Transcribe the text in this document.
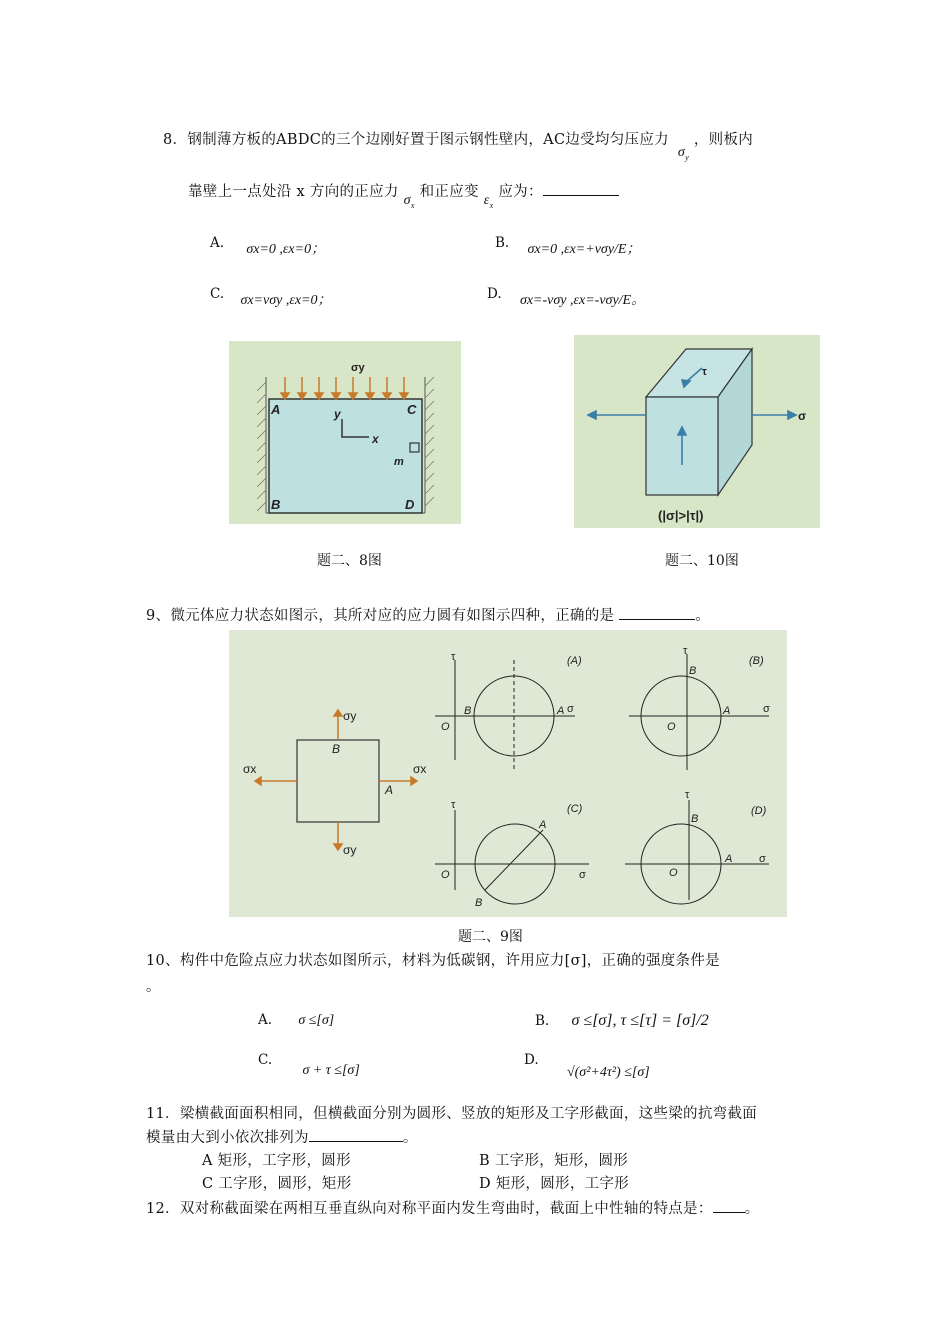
8．钢制薄方板的ABDC的三个边刚好置于图示钢性壁内，AC边受均匀压应力 $\sigma_y$ ，则板内
靠壁上一点处沿 x 方向的正应力 $\sigma_x$ 和正应变 $\varepsilon_x$ 应为：
A. σx=0 ,εx=0；	B. σx=0 ,εx=+νσy/E；
C. σx=νσy ,εx=0；	D. σx=-νσy ,εx=-νσy/E。
σy
A	C
B	D
y
x
m
题二、8图
τ
σ
(|σ|>|τ|)
题二、10图
9、微元体应力状态如图示，其所对应的应力圆有如图示四种，正确的是	。
σy
σy
σx	σx
B
A
τ
σ
O
B	A
(A)
τ
σ
O
B
A
(B)
τ
σ
O
A
B
(C)
τ
σ
O
B
A
(D)
题二、9图
10、构件中危险点应力状态如图所示，材料为低碳钢，许用应力[σ]，正确的强度条件是
。
A. σ ≤[σ]	B. σ ≤[σ], τ ≤[τ] = [σ]/2
C. σ + τ ≤[σ]
D. √(σ²+4τ²) ≤[σ]
11．梁横截面面积相同，但横截面分别为圆形、竖放的矩形及工字形截面，这些梁的抗弯截面
模量由大到小依次排列为	。
A 矩形，工字形，圆形	B 工字形，矩形，圆形
C 工字形，圆形，矩形	D 矩形，圆形，工字形
12．双对称截面梁在两相互垂直纵向对称平面内发生弯曲时，截面上中性轴的特点是： 。
